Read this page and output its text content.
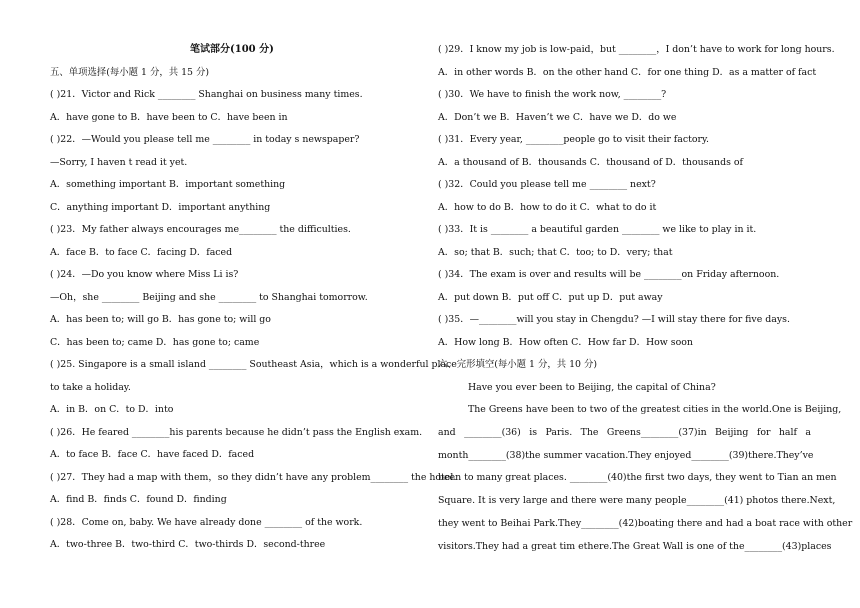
笔试部分(100 分)
五、单项选择(每小题 1 分，共 15 分)
( )21．Victor and Rick ________ Shanghai on business many times.
A．have gone to B．have been to C．have been in
( )22．—Would you please tell me ________ in today s newspaper?
—Sorry, I haven t read it yet.
A．something important B．important something
C．anything important D．important anything
( )23．My father always encourages me________ the difficulties.
A．face B．to face C．facing D．faced
( )24．—Do you know where Miss Li is?
—Oh，she ________ Beijing and she ________ to Shanghai tomorrow.
A．has been to; will go B．has gone to; will go
C．has been to; came D．has gone to; came
( )25. Singapore is a small island ________ Southeast Asia，which is a wonderful place
to take a holiday.
A．in B．on C．to D．into
( )26．He feared ________his parents because he didn’t pass the English exam.
A．to face B．face C．have faced D．faced
( )27．They had a map with them，so they didn’t have any problem________ the hotel.
A．find B．finds C．found D．finding
( )28．Come on, baby. We have already done ________ of the work.
A．two-three B．two-third C．two-thirds D．second-three
( )29．I know my job is low-paid，but ________，I don’t have to work for long hours.
A．in other words B．on the other hand C．for one thing D．as a matter of fact
( )30．We have to finish the work now, ________?
A．Don’t we B．Haven’t we C．have we D．do we
( )31．Every year, ________people go to visit their factory.
A．a thousand of B．thousands C．thousand of D．thousands of
( )32．Could you please tell me ________ next?
A．how to do B．how to do it C．what to do it
( )33．It is ________ a beautiful garden ________ we like to play in it.
A．so; that B．such; that C．too; to D．very; that
( )34．The exam is over and results will be ________on Friday afternoon.
A．put down B．put off C．put up D．put away
( )35．—________will you stay in Chengdu? —I will stay there for five days.
A．How long B．How often C．How far D．How soon
六、完形填空(每小题 1 分，共 10 分)
Have you ever been to Beijing, the capital of China?
The Greens have been to two of the greatest cities in the world. One is Beijing,
and ________(36) is Paris. The Greens________(37)in Beijing for half a
month________(38) the summer vacation. They enjoyed________(39)there. They’ve
been to many great places. ________(40)the first two days, they went to Tian an men
Square. It is very large and there were many people________(41) photos there. Next,
they went to Beihai Park. They________(42)boating there and had a boat race with other
visitors. They had a great tim ethere. The Great Wall is one of the________(43)places
